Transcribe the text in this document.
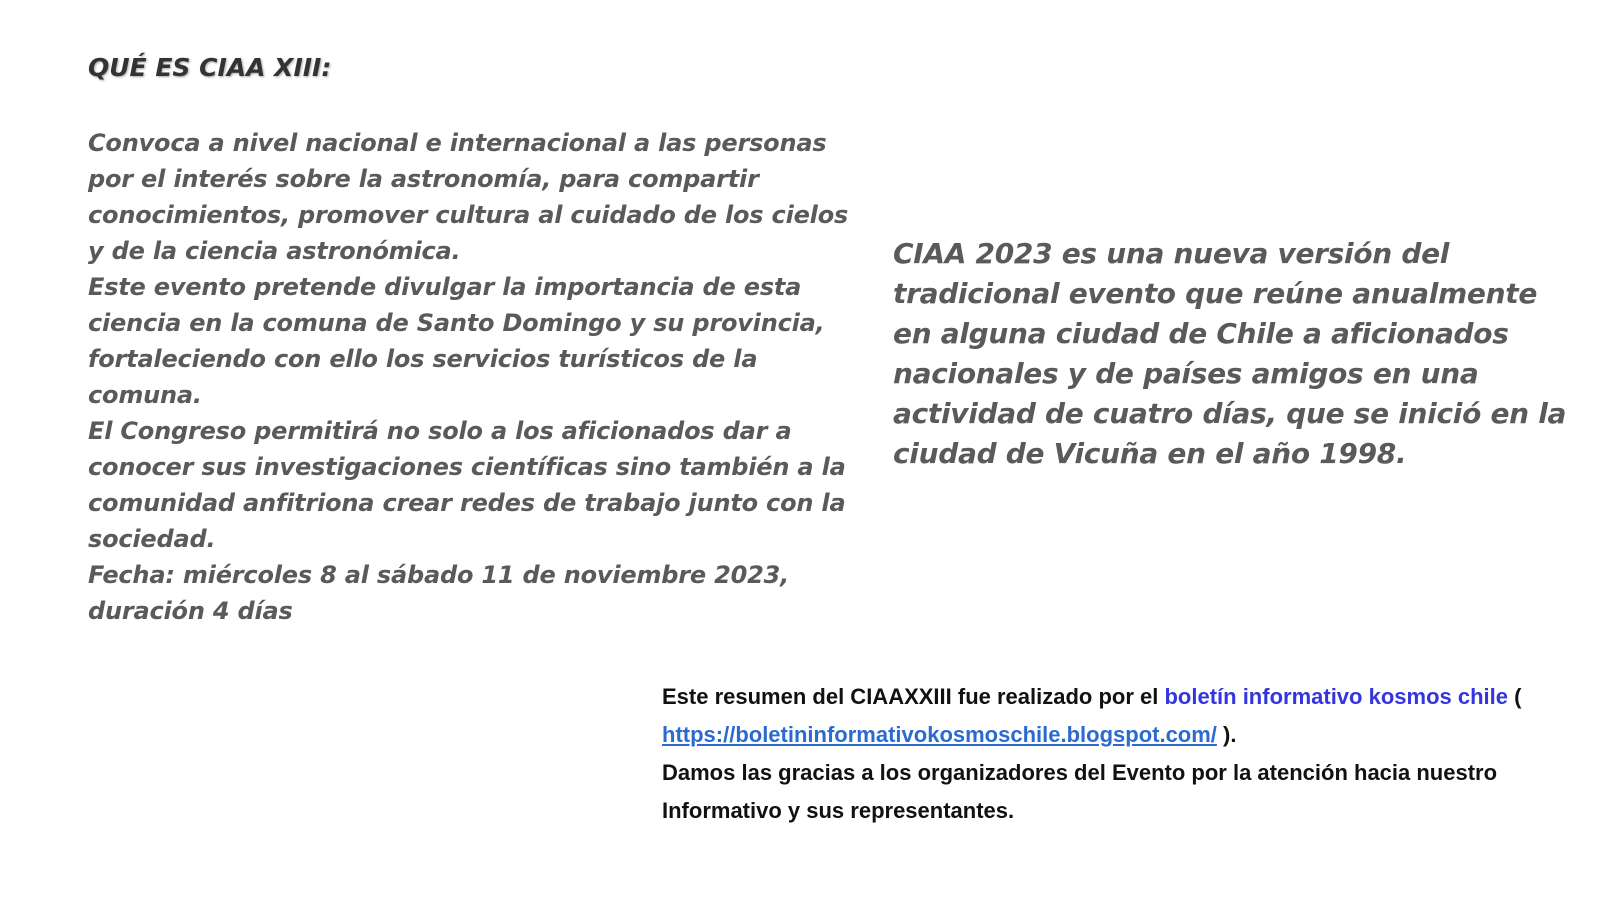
QUÉ ES CIAA XIII:

Convoca a nivel nacional e internacional a las personas por el interés sobre la astronomía, para compartir conocimientos, promover cultura al cuidado de los cielos y de la ciencia astronómica.

Este evento pretende divulgar la importancia de esta ciencia en la comuna de Santo Domingo y su provincia, fortaleciendo con ello los servicios turísticos de la comuna.

El Congreso permitirá no solo a los aficionados dar a conocer sus investigaciones científicas sino también a la comunidad anfitriona crear redes de trabajo junto con la sociedad.

Fecha: miércoles 8 al sábado 11 de noviembre 2023, duración 4 días

CIAA 2023 es una nueva versión del tradicional evento que reúne anualmente en alguna ciudad de Chile a aficionados nacionales y de países amigos en una actividad de cuatro días, que se inició en la ciudad de Vicuña en el año 1998.

Este resumen del CIAAXXIII fue realizado por el boletín informativo kosmos chile ( https://boletininformativokosmoschile.blogspot.com/ ).

Damos las gracias a los organizadores del Evento por la atención hacia nuestro Informativo y sus representantes.
